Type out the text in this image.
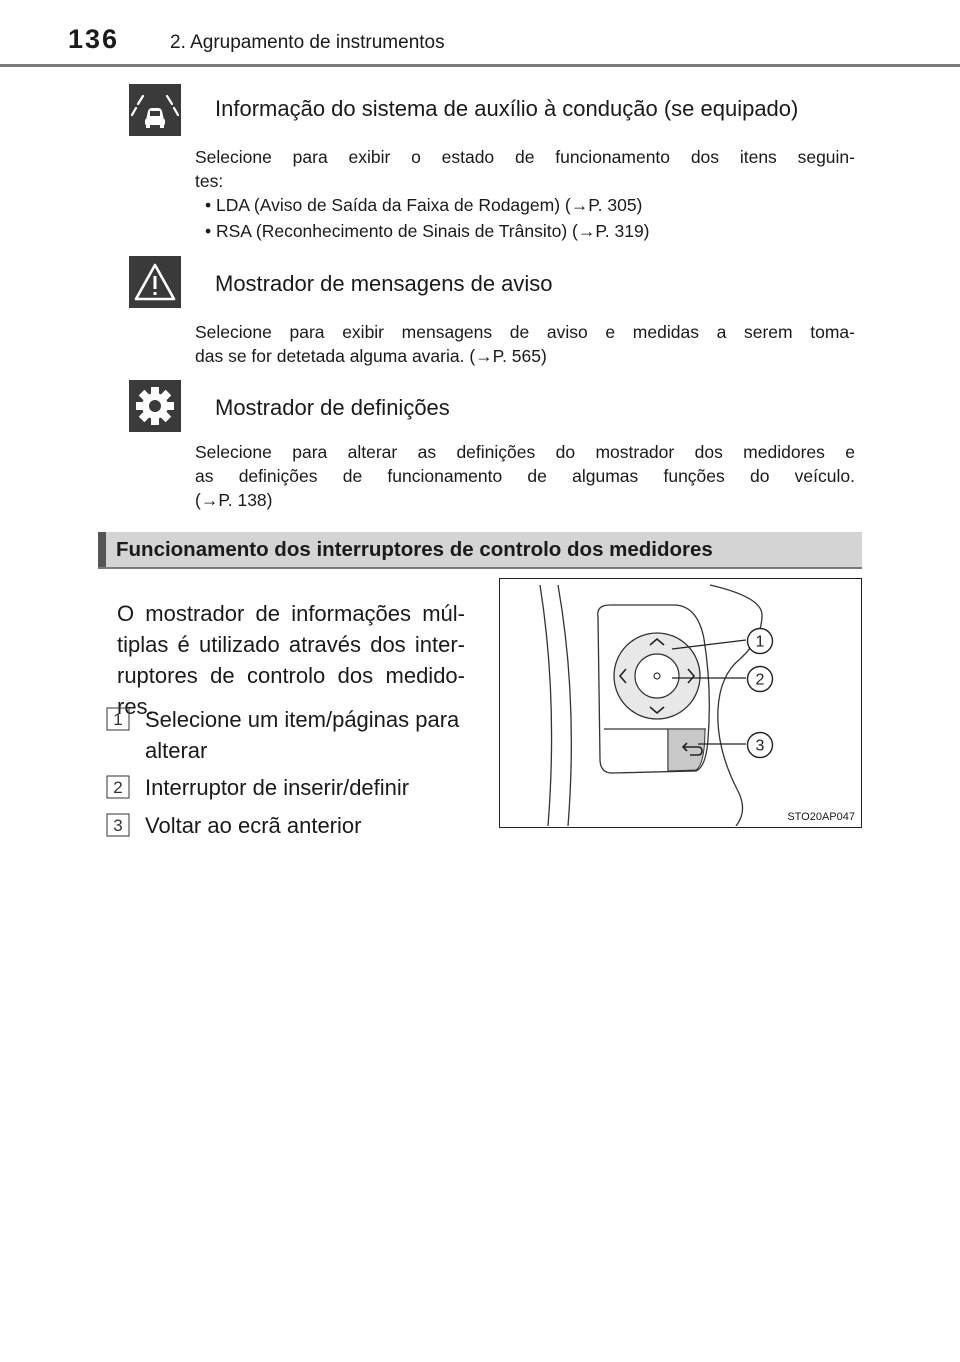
136	2. Agrupamento de instrumentos
Informação do sistema de auxílio à condução (se equipado)
Selecione para exibir o estado de funcionamento dos itens seguin-
tes:
• LDA (Aviso de Saída da Faixa de Rodagem) (→P. 305)
• RSA (Reconhecimento de Sinais de Trânsito) (→P. 319)
Mostrador de mensagens de aviso
Selecione para exibir mensagens de aviso e medidas a serem toma-
das se for detetada alguma avaria. (→P. 565)
Mostrador de definições
Selecione para alterar as definições do mostrador dos medidores e
as definições de funcionamento de algumas funções do veículo.
(→P. 138)
Funcionamento dos interruptores de controlo dos medidores
O mostrador de informações múl-
tiplas é utilizado através dos inter-
ruptores de controlo dos medido-
res.
1 Selecione um item/páginas para
alterar
2 Interruptor de inserir/definir
3 Voltar ao ecrã anterior
1
2
3
STO20AP047
